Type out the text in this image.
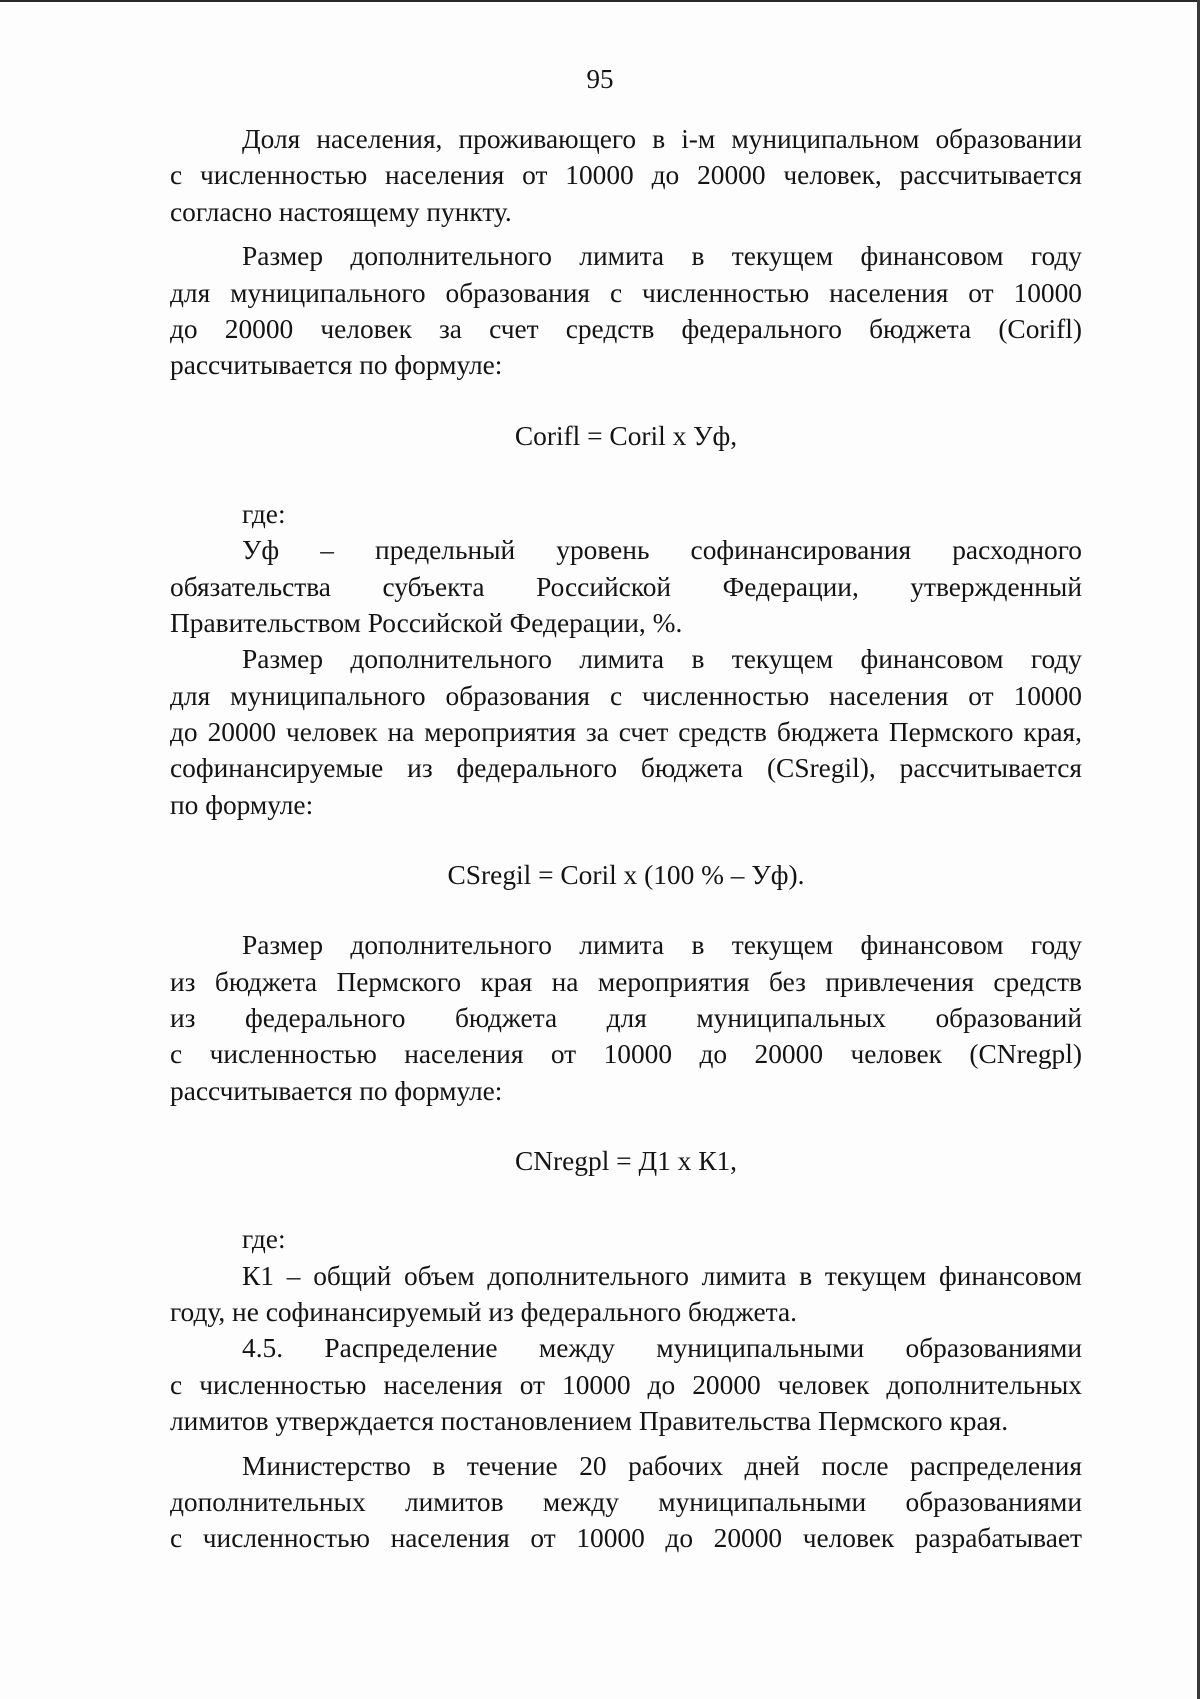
95
Доля населения, проживающего в i-м муниципальном образовании
с численностью населения от 10000 до 20000 человек, рассчитывается
согласно настоящему пункту.
Размер дополнительного лимита в текущем финансовом году
для муниципального образования с численностью населения от 10000
до 20000 человек за счет средств федерального бюджета (Corifl)
рассчитывается по формуле:

Corifl = Coril x Уф,

где:
Уф – предельный уровень софинансирования расходного
обязательства субъекта Российской Федерации, утвержденный
Правительством Российской Федерации, %.
Размер дополнительного лимита в текущем финансовом году
для муниципального образования с численностью населения от 10000
до 20000 человек на мероприятия за счет средств бюджета Пермского края,
софинансируемые из федерального бюджета (CSregil), рассчитывается
по формуле:

CSregil = Coril x (100 % – Уф).

Размер дополнительного лимита в текущем финансовом году
из бюджета Пермского края на мероприятия без привлечения средств
из федерального бюджета для муниципальных образований
с численностью населения от 10000 до 20000 человек (CNregpl)
рассчитывается по формуле:

CNregpl = Д1 x К1,

где:
К1 – общий объем дополнительного лимита в текущем финансовом
году, не софинансируемый из федерального бюджета.
4.5. Распределение между муниципальными образованиями
с численностью населения от 10000 до 20000 человек дополнительных
лимитов утверждается постановлением Правительства Пермского края.
Министерство в течение 20 рабочих дней после распределения
дополнительных лимитов между муниципальными образованиями
с численностью населения от 10000 до 20000 человек разрабатывает
